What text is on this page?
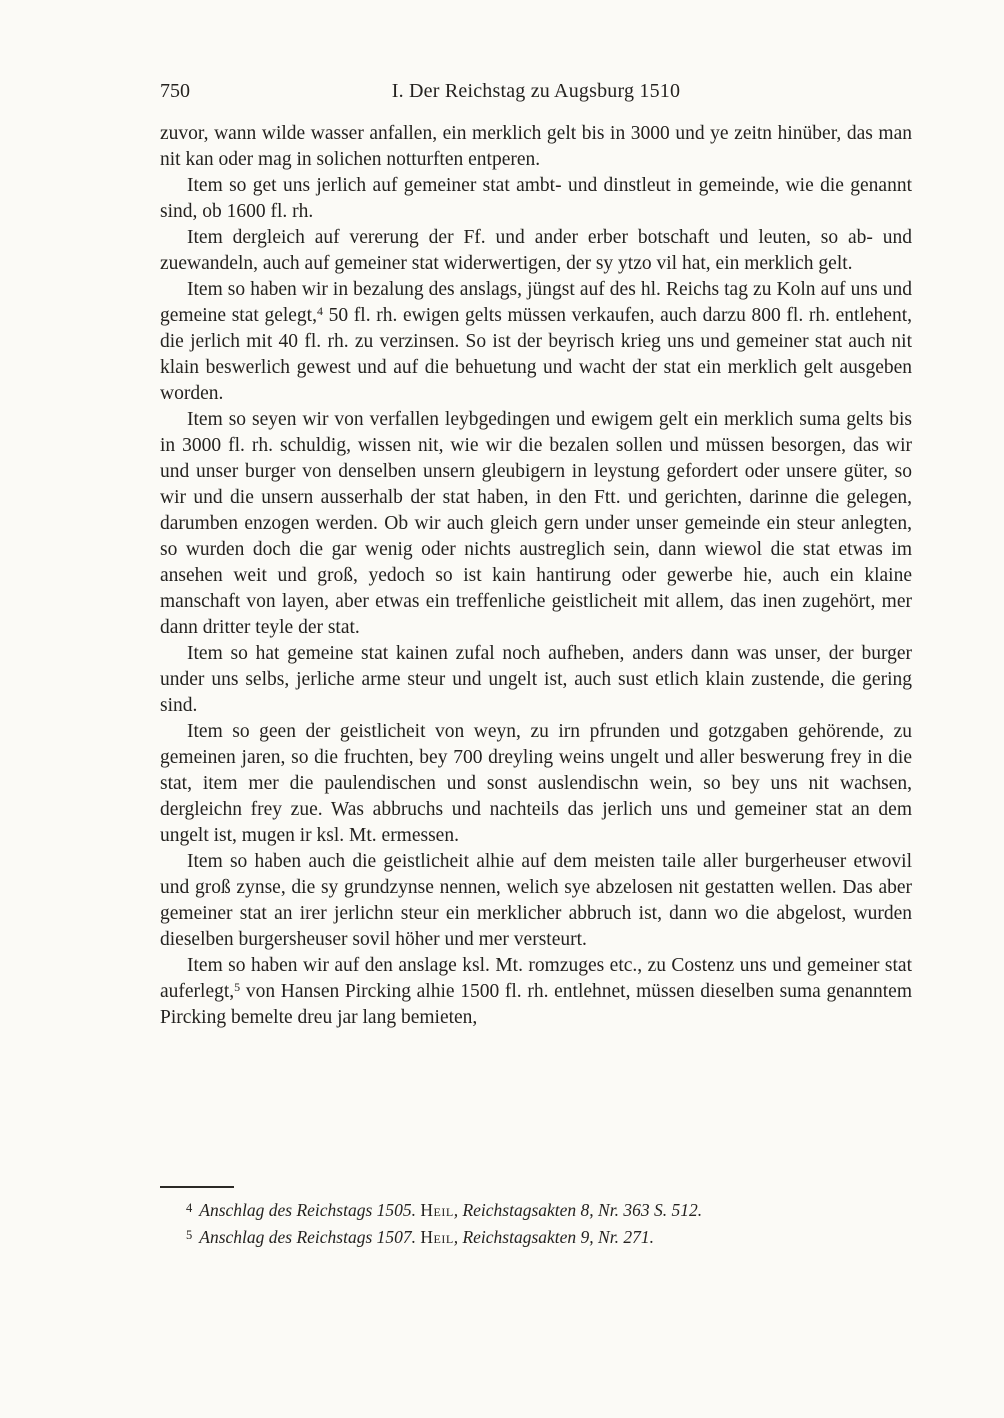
750	I. Der Reichstag zu Augsburg 1510

zuvor, wann wilde wasser anfallen, ein merklich gelt bis in 3000 und ye zeitn hinüber, das man nit kan oder mag in solichen notturften entperen.

Item so get uns jerlich auf gemeiner stat ambt- und dinstleut in gemeinde, wie die genannt sind, ob 1600 fl. rh.

Item dergleich auf vererung der Ff. und ander erber botschaft und leuten, so ab- und zuewandeln, auch auf gemeiner stat widerwertigen, der sy ytzo vil hat, ein merklich gelt.

Item so haben wir in bezalung des anslags, jüngst auf des hl. Reichs tag zu Koln auf uns und gemeine stat gelegt,$^4$ 50 fl. rh. ewigen gelts müssen verkaufen, auch darzu 800 fl. rh. entlehent, die jerlich mit 40 fl. rh. zu verzinsen. So ist der beyrisch krieg uns und gemeiner stat auch nit klain beswerlich gewest und auf die behuetung und wacht der stat ein merklich gelt ausgeben worden.

Item so seyen wir von verfallen leybgedingen und ewigem gelt ein merklich suma gelts bis in 3000 fl. rh. schuldig, wissen nit, wie wir die bezalen sollen und müssen besorgen, das wir und unser burger von denselben unsern gleubigern in leystung gefordert oder unsere güter, so wir und die unsern ausserhalb der stat haben, in den Ftt. und gerichten, darinne die gelegen, darumben enzogen werden. Ob wir auch gleich gern under unser gemeinde ein steur anlegten, so wurden doch die gar wenig oder nichts austreglich sein, dann wiewol die stat etwas im ansehen weit und groß, yedoch so ist kain hantirung oder gewerbe hie, auch ein klaine manschaft von layen, aber etwas ein treffenliche geistlicheit mit allem, das inen zugehört, mer dann dritter teyle der stat.

Item so hat gemeine stat kainen zufal noch aufheben, anders dann was unser, der burger under uns selbs, jerliche arme steur und ungelt ist, auch sust etlich klain zustende, die gering sind.

Item so geen der geistlicheit von weyn, zu irn pfrunden und gotzgaben gehörende, zu gemeinen jaren, so die fruchten, bey 700 dreyling weins ungelt und aller beswerung frey in die stat, item mer die paulendischen und sonst auslendischn wein, so bey uns nit wachsen, dergleichn frey zue. Was abbruchs und nachteils das jerlich uns und gemeiner stat an dem ungelt ist, mugen ir ksl. Mt. ermessen.

Item so haben auch die geistlicheit alhie auf dem meisten taile aller burgerheuser etwovil und groß zynse, die sy grundzynse nennen, welich sye abzelosen nit gestatten wellen. Das aber gemeiner stat an irer jerlichn steur ein merklicher abbruch ist, dann wo die abgelost, wurden dieselben burgersheuser sovil höher und mer versteurt.

Item so haben wir auf den anslage ksl. Mt. romzuges etc., zu Costenz uns und gemeiner stat auferlegt,$^5$ von Hansen Pircking alhie 1500 fl. rh. entlehnet, müssen dieselben suma genanntem Pircking bemelte dreu jar lang bemieten,

$^4$ Anschlag des Reichstags 1505. Heil, Reichstagsakten 8, Nr. 363 S. 512.
$^5$ Anschlag des Reichstags 1507. Heil, Reichstagsakten 9, Nr. 271.
